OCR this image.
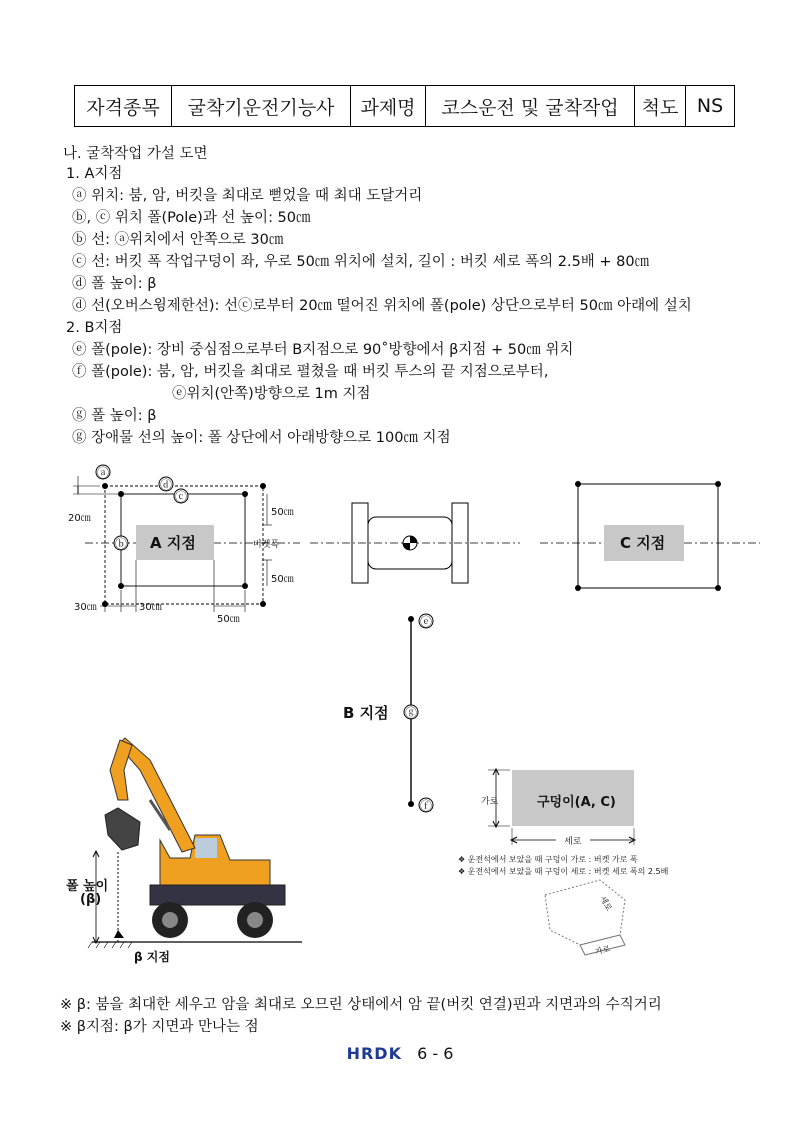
자격종목	굴착기운전기능사	과제명	코스운전 및 굴착작업	척도	NS
나. 굴착작업 가설 도면
1. A지점
ⓐ 위치: 붐, 암, 버킷을 최대로 뻗었을 때 최대 도달거리
ⓑ, ⓒ 위치 폴(Pole)과 선 높이: 50㎝
ⓑ 선: ⓐ위치에서 안쪽으로 30㎝
ⓒ 선: 버킷 폭 작업구덩이 좌, 우로 50㎝ 위치에 설치, 길이 : 버킷 세로 폭의 2.5배 + 80㎝
ⓓ 폴 높이: β
ⓓ 선(오버스윙제한선): 선ⓒ로부터 20㎝ 떨어진 위치에 폴(pole) 상단으로부터 50㎝ 아래에 설치
2. B지점
ⓔ 폴(pole): 장비 중심점으로부터 B지점으로 90˚방향에서 β지점 + 50㎝ 위치
ⓕ 폴(pole): 붐, 암, 버킷을 최대로 펼쳤을 때 버킷 투스의 끝 지점으로부터,
ⓔ위치(안쪽)방향으로 1m 지점
ⓖ 폴 높이: β
ⓖ 장애물 선의 높이: 폴 상단에서 아래방향으로 100㎝ 지점
ⓐ
ⓓ
ⓒ
ⓑ A 지점
20㎝
30㎝	30㎝
50㎝
50㎝
50㎝
버켓폭	C 지점
ⓔ
ⓖ
ⓕ
B 지점
폴 높이
(β)
β 지점
구덩이(A, C)
가로
세로
❖ 운전석에서 보았을 때 구덩이 가로 : 버켓 가로 폭
❖ 운전석에서 보았을 때 구덩이 세로 : 버켓 세로 폭의 2.5배
세로
가로
※ β: 붐을 최대한 세우고 암을 최대로 오므린 상태에서 암 끝(버킷 연결)핀과 지면과의 수직거리
※ β지점: β가 지면과 만나는 점
HRDK 6 - 6
